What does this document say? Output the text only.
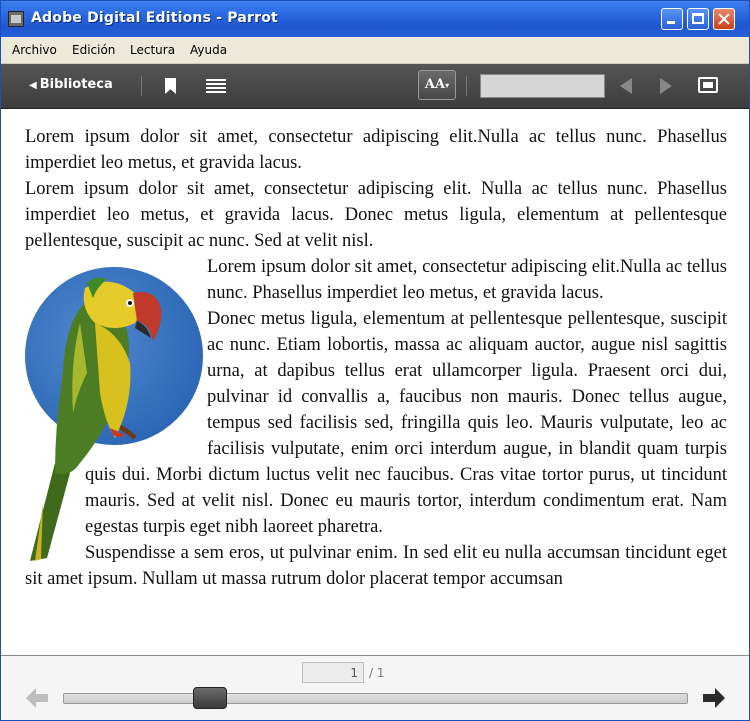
Adobe Digital Editions - Parrot
Archivo Edición Lectura Ayuda
◀ Biblioteca	AA▾

Lorem ipsum dolor sit amet, consectetur adipiscing elit.Nulla ac tellus nunc. Phasellus imperdiet leo metus, et gravida lacus.

Lorem ipsum dolor sit amet, consectetur adipiscing elit. Nulla ac tellus nunc. Phasellus imperdiet leo metus, et gravida lacus. Donec metus ligula, elementum at pellentesque pellentesque, suscipit ac nunc. Sed at velit nisl.

Lorem ipsum dolor sit amet, consectetur adipiscing elit.Nulla ac tellus nunc. Phasellus imperdiet leo metus, et gravida lacus.

Donec metus ligula, elementum at pellentesque pellentesque, suscipit ac nunc. Etiam lobortis, massa ac aliquam auctor, augue nisl sagittis urna, at dapibus tellus erat ullamcorper ligula. Praesent orci dui, pulvinar id convallis a, faucibus non mauris. Donec tellus augue, tempus sed facilisis sed, fringilla quis leo. Mauris vulputate, leo ac facilisis vulputate, enim orci interdum augue, in blandit quam turpis quis dui. Morbi dictum luctus velit nec faucibus. Cras vitae tortor purus, ut tincidunt mauris. Sed at velit nisl. Donec eu mauris tortor, interdum condimentum erat. Nam egestas turpis eget nibh laoreet pharetra.

Suspendisse a sem eros, ut pulvinar enim. In sed elit eu nulla accumsan tincidunt eget sit amet ipsum. Nullam ut massa rutrum dolor placerat tempor accumsan

1 / 1
